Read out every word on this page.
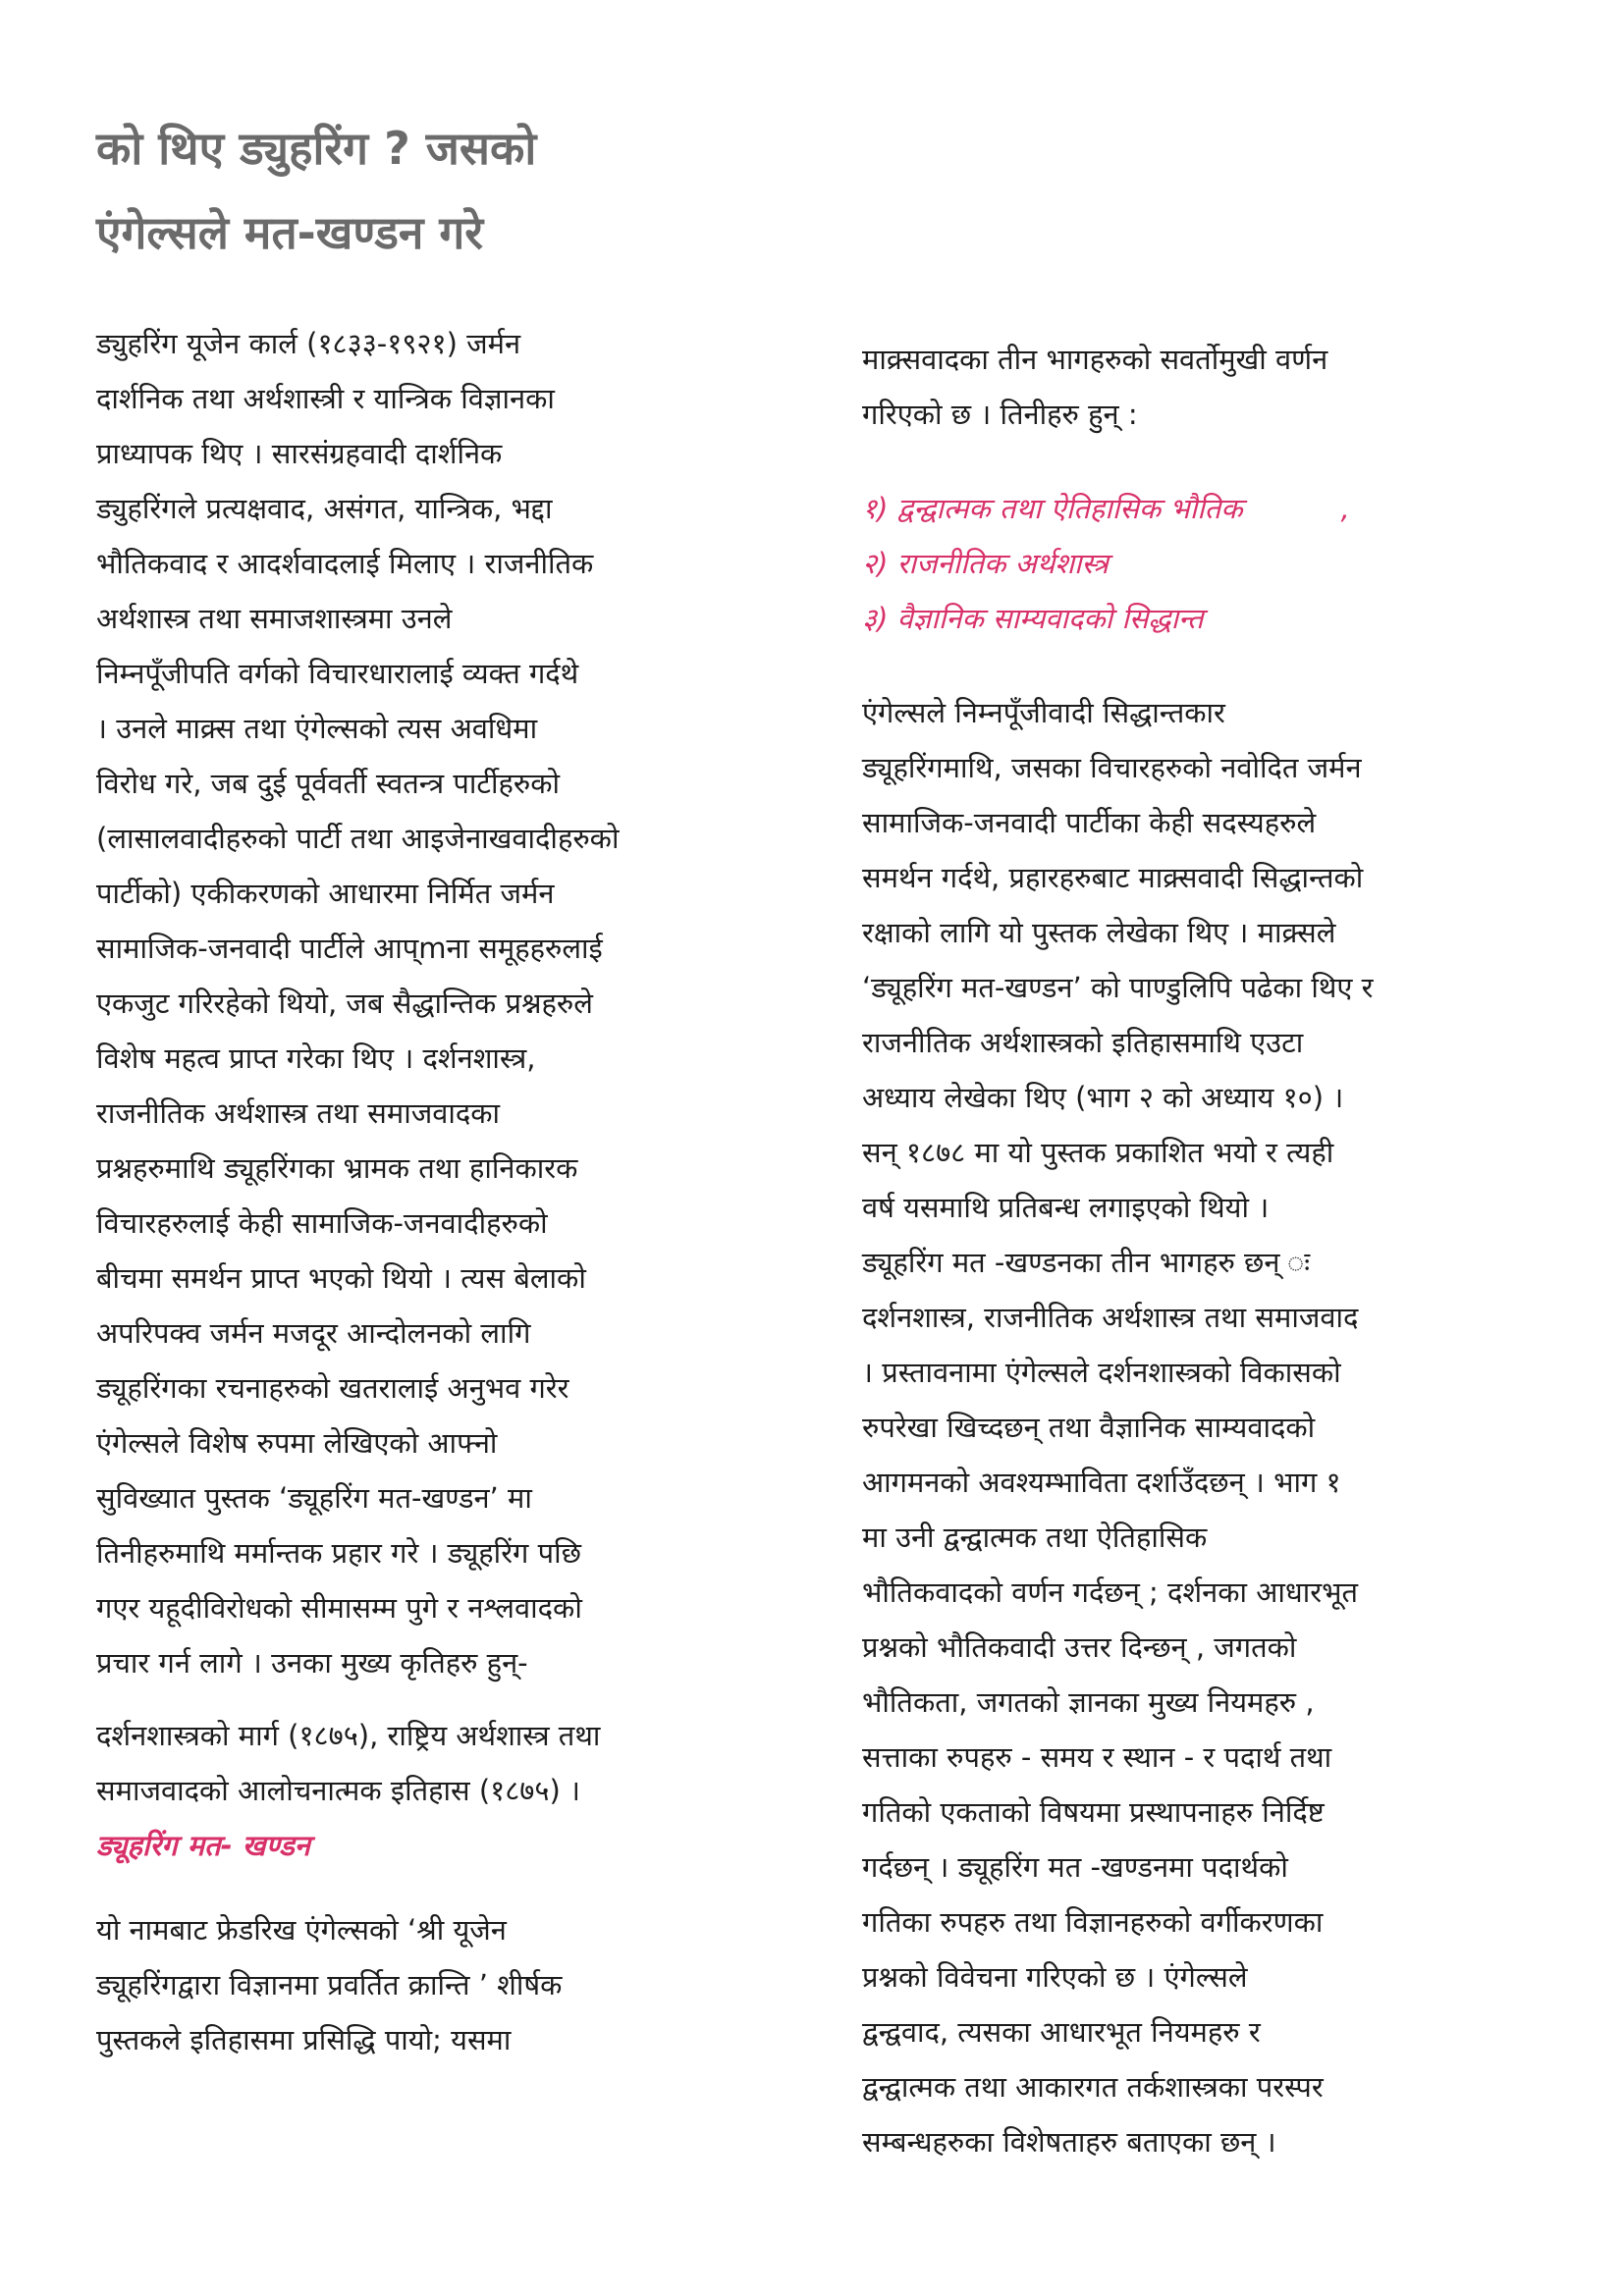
को थिए ड्युहरिंग ? जसको
एंगेल्सले मत-खण्डन गरे

ड्युहरिंग यूजेन कार्ल (१८३३-१९२१) जर्मन
दार्शनिक तथा अर्थशास्त्री र यान्त्रिक विज्ञानका
प्राध्यापक थिए । सारसंग्रहवादी दार्शनिक
ड्युहरिंगले प्रत्यक्षवाद, असंगत, यान्त्रिक, भद्दा
भौतिकवाद र आदर्शवादलाई मिलाए । राजनीतिक
अर्थशास्त्र तथा समाजशास्त्रमा उनले
निम्नपूँजीपति वर्गको विचारधारालाई व्यक्त गर्दथे
। उनले माक्र्स तथा एंगेल्सको त्यस अवधिमा
विरोध गरे, जब दुई पूर्ववर्ती स्वतन्त्र पार्टीहरुको
(लासालवादीहरुको पार्टी तथा आइजेनाखवादीहरुको
पार्टीको) एकीकरणको आधारमा निर्मित जर्मन
सामाजिक-जनवादी पार्टीले आप्mना समूहहरुलाई
एकजुट गरिरहेको थियो, जब सैद्धान्तिक प्रश्नहरुले
विशेष महत्व प्राप्त गरेका थिए । दर्शनशास्त्र,
राजनीतिक अर्थशास्त्र तथा समाजवादका
प्रश्नहरुमाथि ड्यूहरिंगका भ्रामक तथा हानिकारक
विचारहरुलाई केही सामाजिक-जनवादीहरुको
बीचमा समर्थन प्राप्त भएको थियो । त्यस बेलाको
अपरिपक्व जर्मन मजदूर आन्दोलनको लागि
ड्यूहरिंगका रचनाहरुको खतरालाई अनुभव गरेर
एंगेल्सले विशेष रुपमा लेखिएको आफ्नाे
सुविख्यात पुस्तक ‘ड्यूहरिंग मत-खण्डन’ मा
तिनीहरुमाथि मर्मान्तक प्रहार गरे । ड्यूहरिंग पछि
गएर यहूदीविरोधको सीमासम्म पुगे र नश्लवादको
प्रचार गर्न लागे । उनका मुख्य कृतिहरु हुन्-

दर्शनशास्त्रको मार्ग (१८७५), राष्ट्रिय अर्थशास्त्र तथा
समाजवादको आलोचनात्मक इतिहास (१८७५) ।

ड्यूहरिंग मत- खण्डन

यो नामबाट फ्रेडरिख एंगेल्सको ‘श्री यूजेन
ड्यूहरिंगद्वारा विज्ञानमा प्रवर्तित क्रान्ति ’ शीर्षक
पुस्तकले इतिहासमा प्रसिद्धि पायो; यसमा

माक्र्सवादका तीन भागहरुको सवर्तोमुखी वर्णन
गरिएको छ । तिनीहरु हुन् :

१) द्वन्द्वात्मक तथा ऐतिहासिक भौतिक	,
२) राजनीतिक अर्थशास्त्र
३) वैज्ञानिक साम्यवादको सिद्धान्त

एंगेल्सले निम्नपूँजीवादी सिद्धान्तकार
ड्यूहरिंगमाथि, जसका विचारहरुको नवोदित जर्मन
सामाजिक-जनवादी पार्टीका केही सदस्यहरुले
समर्थन गर्दथे, प्रहारहरुबाट माक्र्सवादी सिद्धान्तको
रक्षाको लागि यो पुस्तक लेखेका थिए । माक्र्सले
‘ड्यूहरिंग मत-खण्डन’ को पाण्डुलिपि पढेका थिए र
राजनीतिक अर्थशास्त्रको इतिहासमाथि एउटा
अध्याय लेखेका थिए (भाग २ को अध्याय १०) ।
सन् १८७८ मा यो पुस्तक प्रकाशित भयो र त्यही
वर्ष यसमाथि प्रतिबन्ध लगाइएको थियो ।
ड्यूहरिंग मत -खण्डनका तीन भागहरु छन् ः
दर्शनशास्त्र, राजनीतिक अर्थशास्त्र तथा समाजवाद
। प्रस्तावनामा एंगेल्सले दर्शनशास्त्रको विकासको
रुपरेखा खिच्दछन् तथा वैज्ञानिक साम्यवादको
आगमनको अवश्यम्भाविता दर्शाउँदछन् । भाग १
मा उनी द्वन्द्वात्मक तथा ऐतिहासिक
भौतिकवादको वर्णन गर्दछन् ; दर्शनका आधारभूत
प्रश्नको भौतिकवादी उत्तर दिन्छन् , जगतको
भौतिकता, जगतको ज्ञानका मुख्य नियमहरु ,
सत्ताका रुपहरु - समय र स्थान - र पदार्थ तथा
गतिको एकताको विषयमा प्रस्थापनाहरु निर्दिष्ट
गर्दछन् । ड्यूहरिंग मत -खण्डनमा पदार्थको
गतिका रुपहरु तथा विज्ञानहरुको वर्गीकरणका
प्रश्नको विवेचना गरिएको छ । एंगेल्सले
द्वन्द्ववाद, त्यसका आधारभूत नियमहरु र
द्वन्द्वात्मक तथा आकारगत तर्कशास्त्रका परस्पर
सम्बन्धहरुका विशेषताहरु बताएका छन् ।
